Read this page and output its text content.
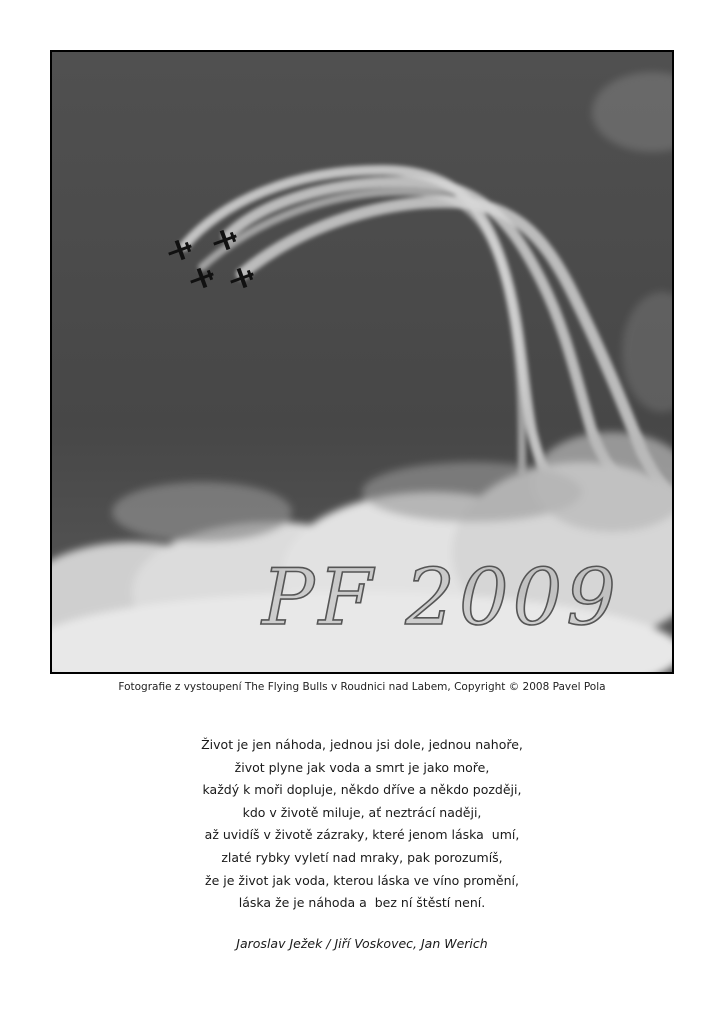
PF 2009
Fotografie z vystoupení The Flying Bulls v Roudnici nad Labem, Copyright © 2008 Pavel Pola
Život je jen náhoda, jednou jsi dole, jednou nahoře,
život plyne jak voda a smrt je jako moře,
každý k moři dopluje, někdo dříve a někdo později,
kdo v životě miluje, ať neztrácí naději,
až uvidíš v životě zázraky, které jenom láska  umí,
zlaté rybky vyletí nad mraky, pak porozumíš,
že je život jak voda, kterou láska ve víno promění,
láska že je náhoda a  bez ní štěstí není.
Jaroslav Ježek / Jiří Voskovec, Jan Werich
